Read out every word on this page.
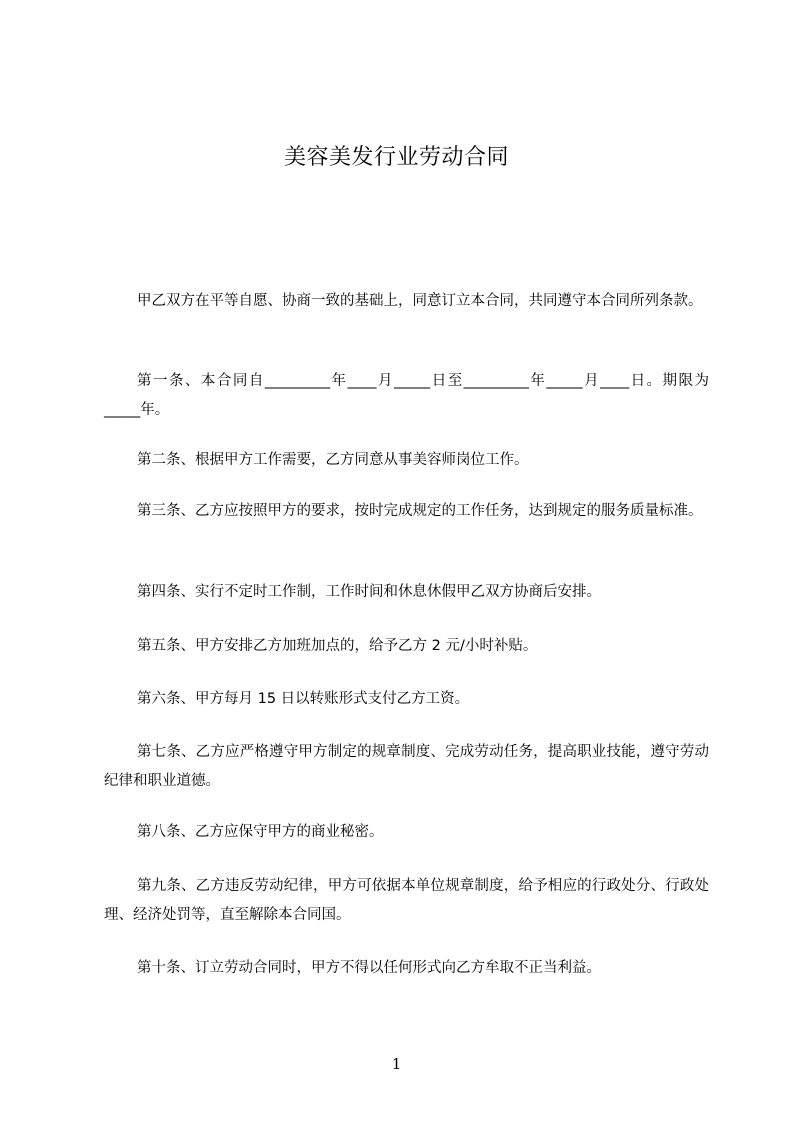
美容美发行业劳动合同
甲乙双方在平等自愿、协商一致的基础上，同意订立本合同，共同遵守本合同所列条款。
第一条、本合同自_________年____月_____日至_________年_____月____日。期限为_____年。
第二条、根据甲方工作需要，乙方同意从事美容师岗位工作。
第三条、乙方应按照甲方的要求，按时完成规定的工作任务，达到规定的服务质量标准。
第四条、实行不定时工作制，工作时间和休息休假甲乙双方协商后安排。
第五条、甲方安排乙方加班加点的，给予乙方 2 元/小时补贴。
第六条、甲方每月 15 日以转账形式支付乙方工资。
第七条、乙方应严格遵守甲方制定的规章制度、完成劳动任务，提高职业技能，遵守劳动纪律和职业道德。
第八条、乙方应保守甲方的商业秘密。
第九条、乙方违反劳动纪律，甲方可依据本单位规章制度，给予相应的行政处分、行政处理、经济处罚等，直至解除本合同国。
第十条、订立劳动合同时，甲方不得以任何形式向乙方牟取不正当利益。
1
